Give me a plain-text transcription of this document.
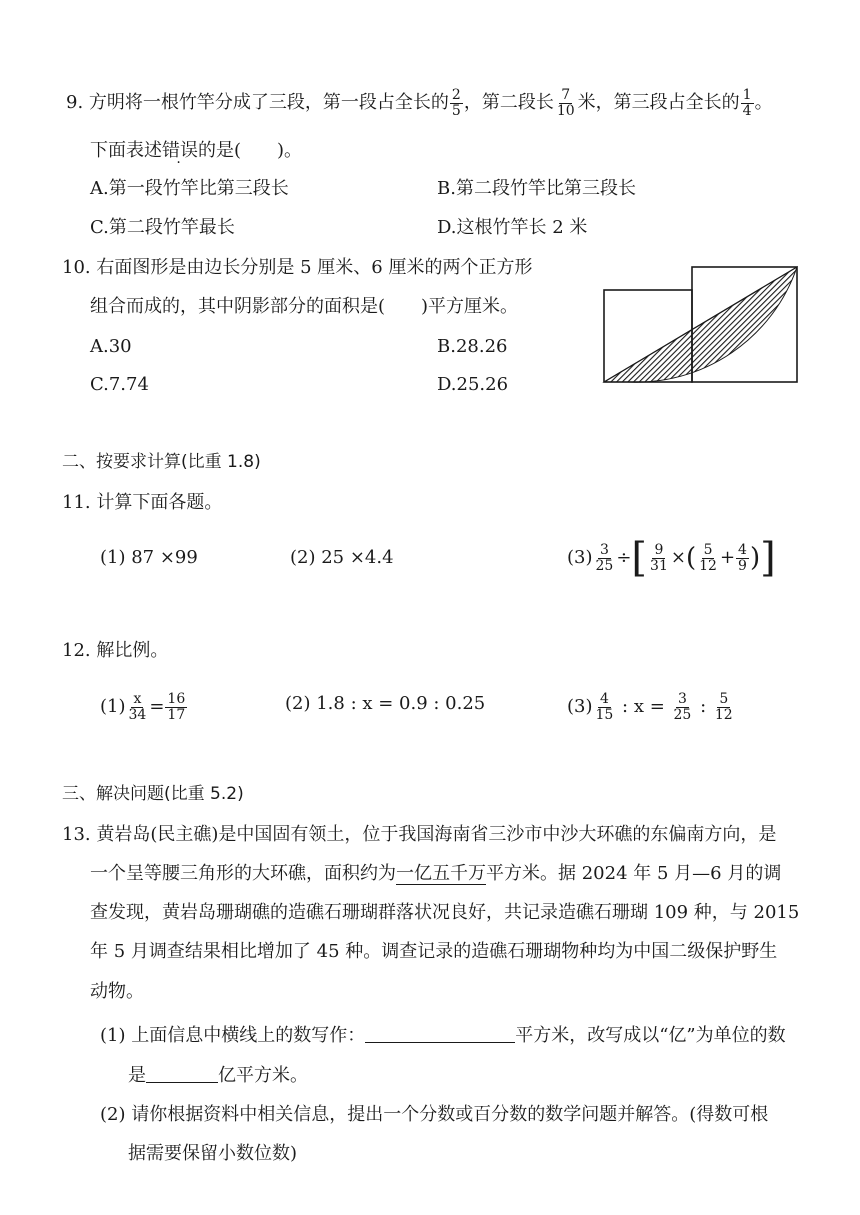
9. 方明将一根竹竿分成了三段，第一段占全长的 $\frac{2}{5}$ ，第二段长 $\frac{7}{10}$ 米，第三段占全长的 $\frac{1}{4}$ 。
下面表述错误的是(　　)。
A.第一段竹竿比第三段长	B.第二段竹竿比第三段长
C.第二段竹竿最长	D.这根竹竿长 2 米
10. 右面图形是由边长分别是 5 厘米、6 厘米的两个正方形
组合而成的，其中阴影部分的面积是(　　)平方厘米。
A.30	B.28.26
C.7.74	D.25.26
二、按要求计算(比重 1.8)
11. 计算下面各题。
(1) 87 ×99	(2) 25 ×4.4	$(3) \frac{3}{25}$ ÷[ $\frac{9}{31}$ ×( $\frac{5}{12} + \frac{4}{9}$ )]
12. 解比例。
$(1) \frac{x}{34} = \frac{16}{17}$	(2) 1.8 : x = 0.9 : 0.25	$(3) \frac{4}{15}$ : $x = \frac{3}{25}$ : $\frac{5}{12}$
三、解决问题(比重 5.2)
13. 黄岩岛(民主礁)是中国固有领土，位于我国海南省三沙市中沙大环礁的东偏南方向，是
一个呈等腰三角形的大环礁，面积约为一亿五千万平方米。据 2024 年 5 月—6 月的调
查发现，黄岩岛珊瑚礁的造礁石珊瑚群落状况良好，共记录造礁石珊瑚 109 种，与 2015
年 5 月调查结果相比增加了 45 种。调查记录的造礁石珊瑚物种均为中国二级保护野生
动物。
(1) 上面信息中横线上的数写作：	平方米，改写成以“亿”为单位的数
是	亿平方米。
(2) 请你根据资料中相关信息，提出一个分数或百分数的数学问题并解答。(得数可根
据需要保留小数位数)
